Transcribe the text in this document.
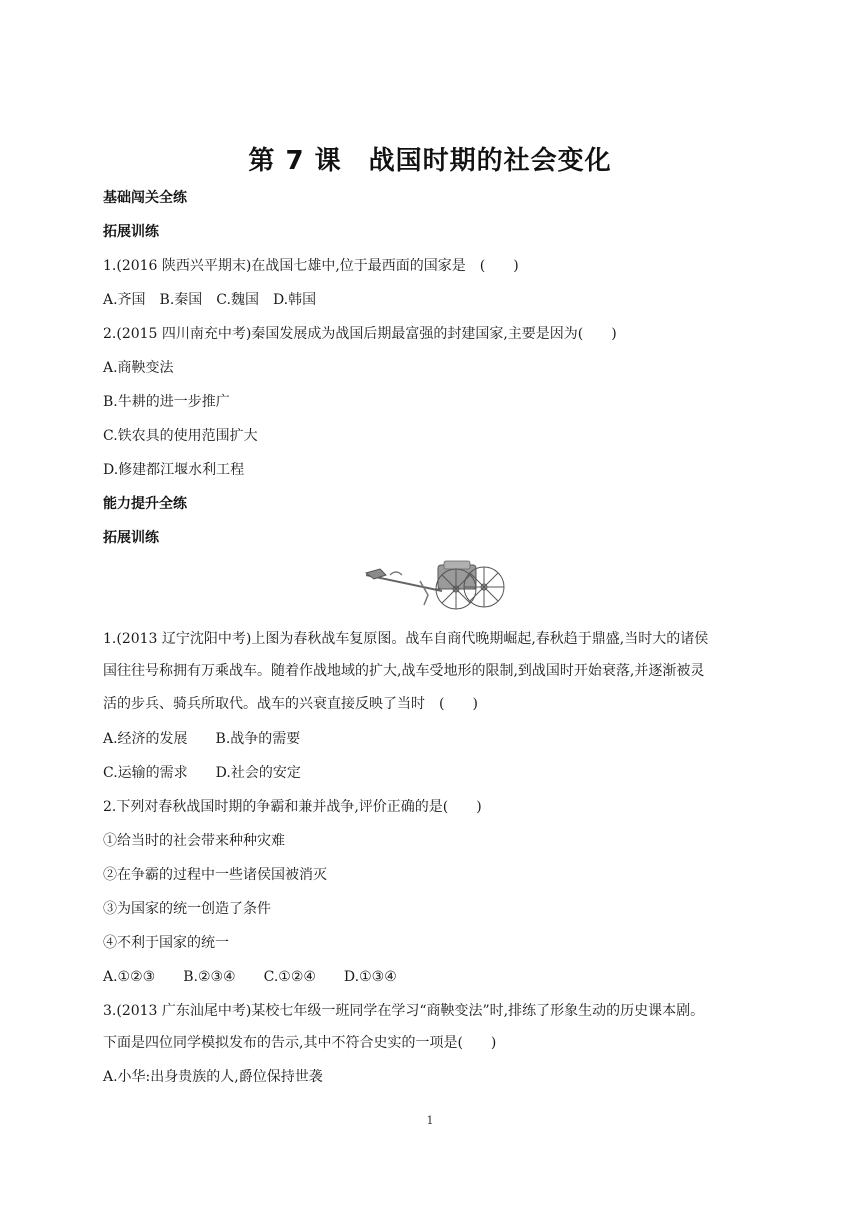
第 7 课　战国时期的社会变化
基础闯关全练
拓展训练
1.(2016 陕西兴平期末)在战国七雄中,位于最西面的国家是　(　　)
A.齐国　B.秦国　C.魏国　D.韩国
2.(2015 四川南充中考)秦国发展成为战国后期最富强的封建国家,主要是因为(　　)
A.商鞅变法
B.牛耕的进一步推广
C.铁农具的使用范围扩大
D.修建都江堰水利工程
能力提升全练
拓展训练
1.(2013 辽宁沈阳中考)上图为春秋战车复原图。战车自商代晚期崛起,春秋趋于鼎盛,当时大的诸侯
国往往号称拥有万乘战车。随着作战地域的扩大,战车受地形的限制,到战国时开始衰落,并逐渐被灵
活的步兵、骑兵所取代。战车的兴衰直接反映了当时　(　　)
A.经济的发展　　B.战争的需要
C.运输的需求　　D.社会的安定
2.下列对春秋战国时期的争霸和兼并战争,评价正确的是(　　)
①给当时的社会带来种种灾难
②在争霸的过程中一些诸侯国被消灭
③为国家的统一创造了条件
④不利于国家的统一
A.①②③　　B.②③④　　C.①②④　　D.①③④
3.(2013 广东汕尾中考)某校七年级一班同学在学习“商鞅变法”时,排练了形象生动的历史课本剧。
下面是四位同学模拟发布的告示,其中不符合史实的一项是(　　)
A.小华:出身贵族的人,爵位保持世袭
1
